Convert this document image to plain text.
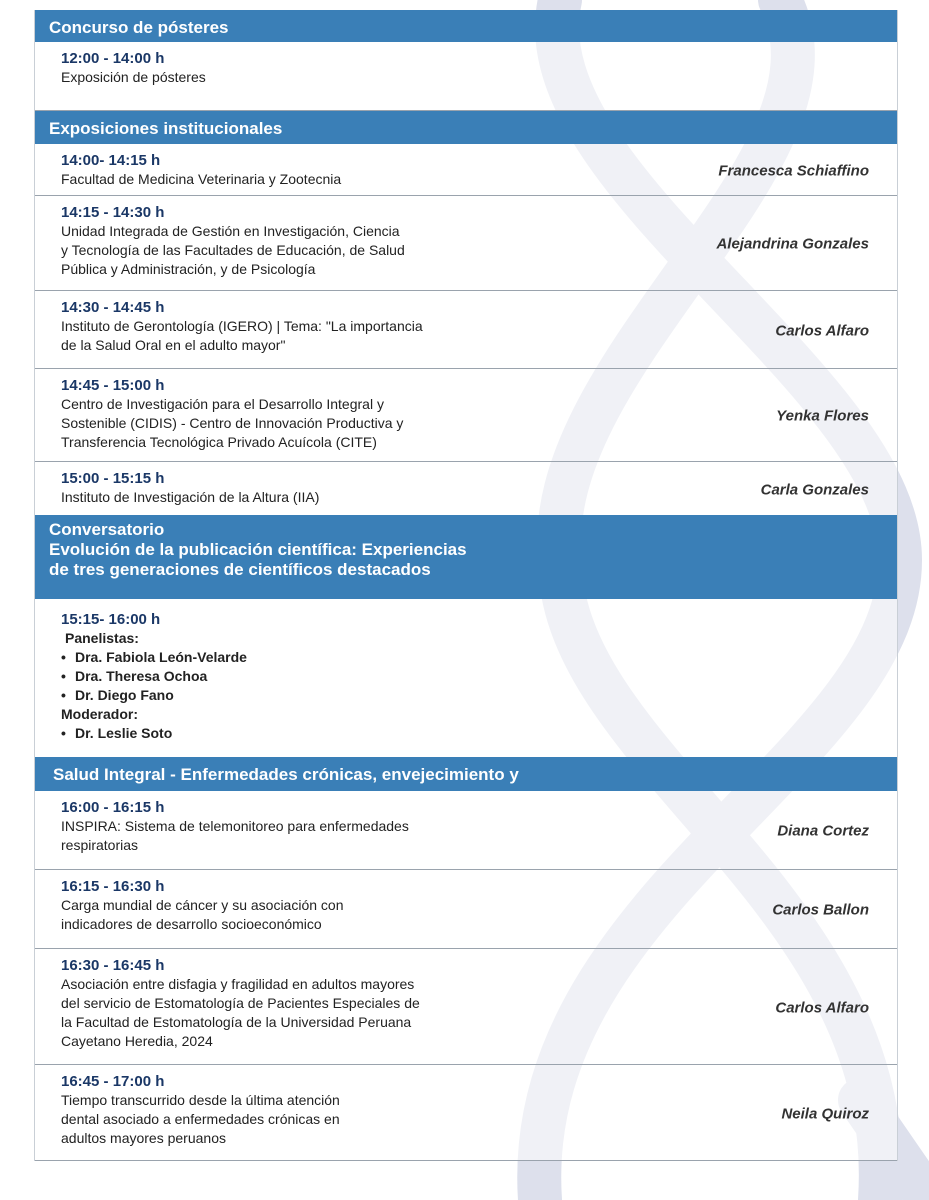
Concurso de pósteres
12:00 - 14:00 h
Exposición de pósteres
Exposiciones institucionales
14:00- 14:15 h
Facultad de Medicina Veterinaria y Zootecnia
Francesca Schiaffino
14:15 - 14:30 h
Unidad Integrada de Gestión en Investigación, Ciencia
y Tecnología de las Facultades de Educación, de Salud
Pública y Administración, y de Psicología
Alejandrina Gonzales
14:30 - 14:45 h
Instituto de Gerontología (IGERO) | Tema: "La importancia
de la Salud Oral en el adulto mayor"
Carlos Alfaro
14:45 - 15:00 h
Centro de Investigación para el Desarrollo Integral y
Sostenible (CIDIS) - Centro de Innovación Productiva y
Transferencia Tecnológica Privado Acuícola (CITE)
Yenka Flores
15:00 - 15:15 h
Instituto de Investigación de la Altura (IIA)	Carla Gonzales
Conversatorio
Evolución de la publicación científica: Experiencias
de tres generaciones de científicos destacados
15:15- 16:00 h
Panelistas:
• Dra. Fabiola León-Velarde
• Dra. Theresa Ochoa
• Dr. Diego Fano
Moderador:
• Dr. Leslie Soto
Salud Integral - Enfermedades crónicas, envejecimiento y
16:00 - 16:15 h
INSPIRA: Sistema de telemonitoreo para enfermedades
respiratorias
Diana Cortez
16:15 - 16:30 h
Carga mundial de cáncer y su asociación con
indicadores de desarrollo socioeconómico
Carlos Ballon
16:30 - 16:45 h
Asociación entre disfagia y fragilidad en adultos mayores
del servicio de Estomatología de Pacientes Especiales de
la Facultad de Estomatología de la Universidad Peruana
Cayetano Heredia, 2024
Carlos Alfaro
16:45 - 17:00 h
Tiempo transcurrido desde la última atención
dental asociado a enfermedades crónicas en
adultos mayores peruanos
Neila Quiroz
